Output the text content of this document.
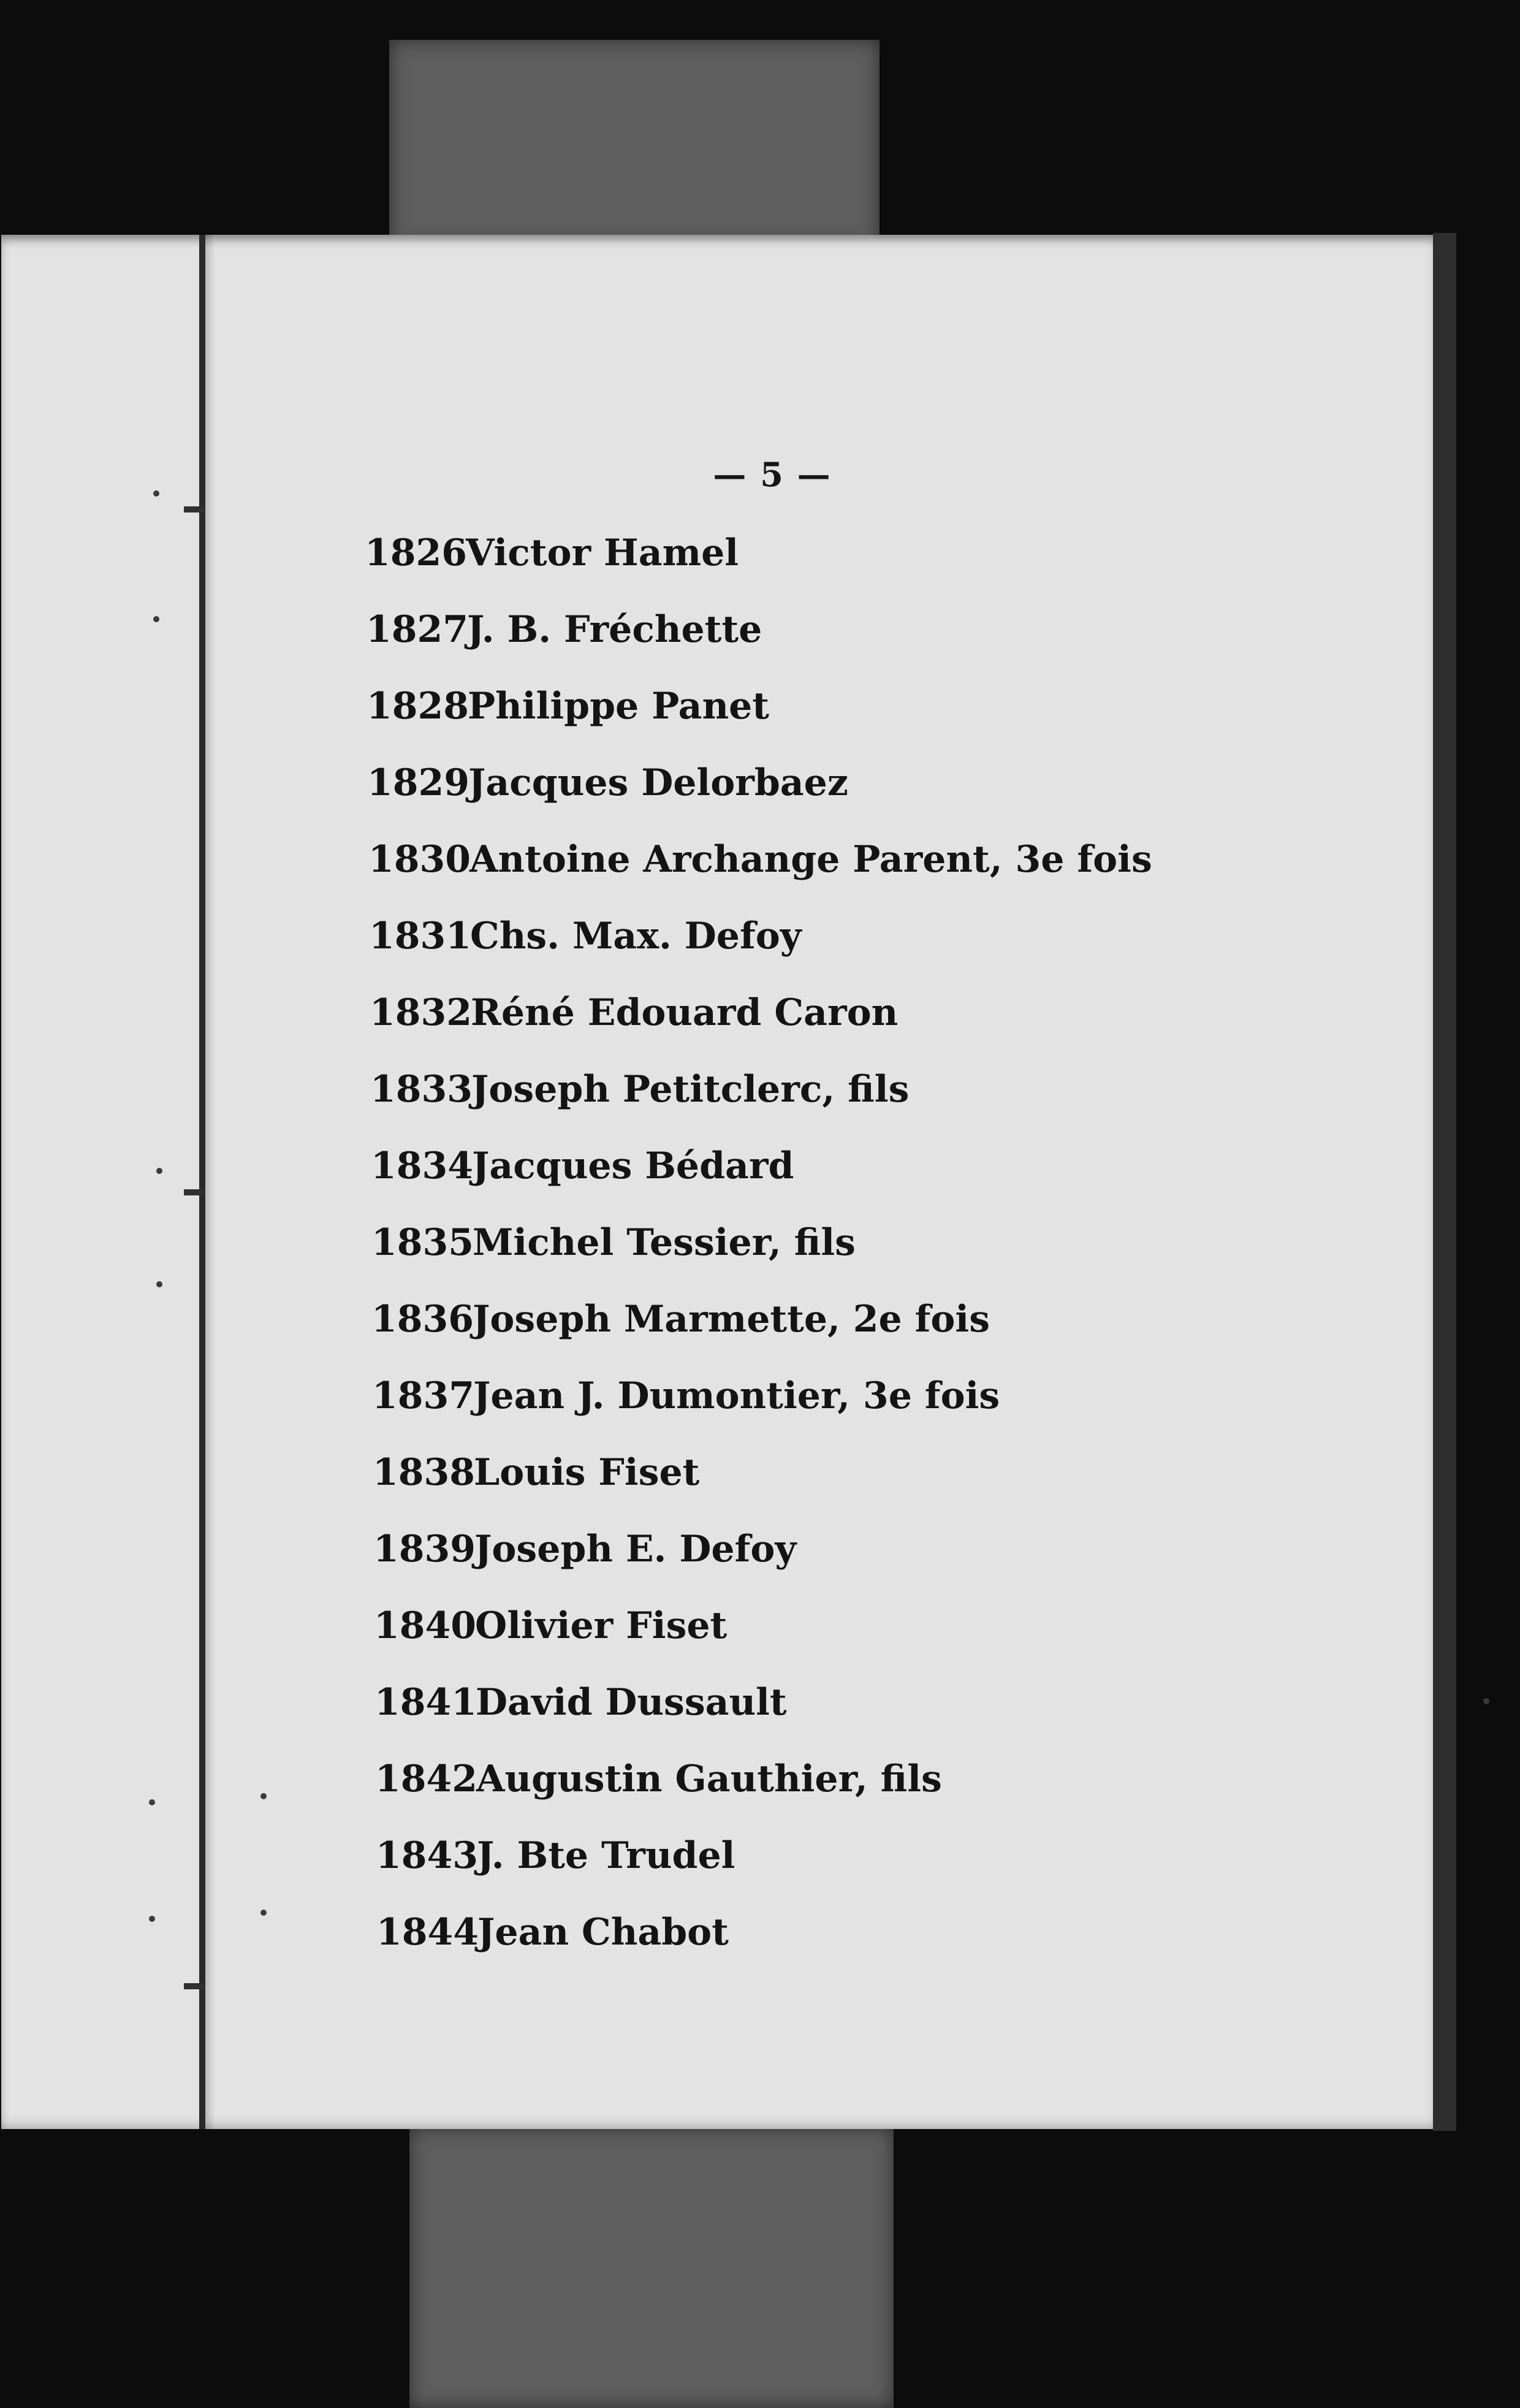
— 5 —
1826Victor Hamel
1827J. B. Fréchette
1828Philippe Panet
1829Jacques Delorbaez
1830Antoine Archange Parent, 3e fois
1831Chs. Max. Defoy
1832Réné Edouard Caron
1833Joseph Petitclerc, fils
1834Jacques Bédard
1835Michel Tessier, fils
1836Joseph Marmette, 2e fois
1837Jean J. Dumontier, 3e fois
1838Louis Fiset
1839Joseph E. Defoy
1840Olivier Fiset
1841David Dussault
1842Augustin Gauthier, fils
1843J. Bte Trudel
1844Jean Chabot
